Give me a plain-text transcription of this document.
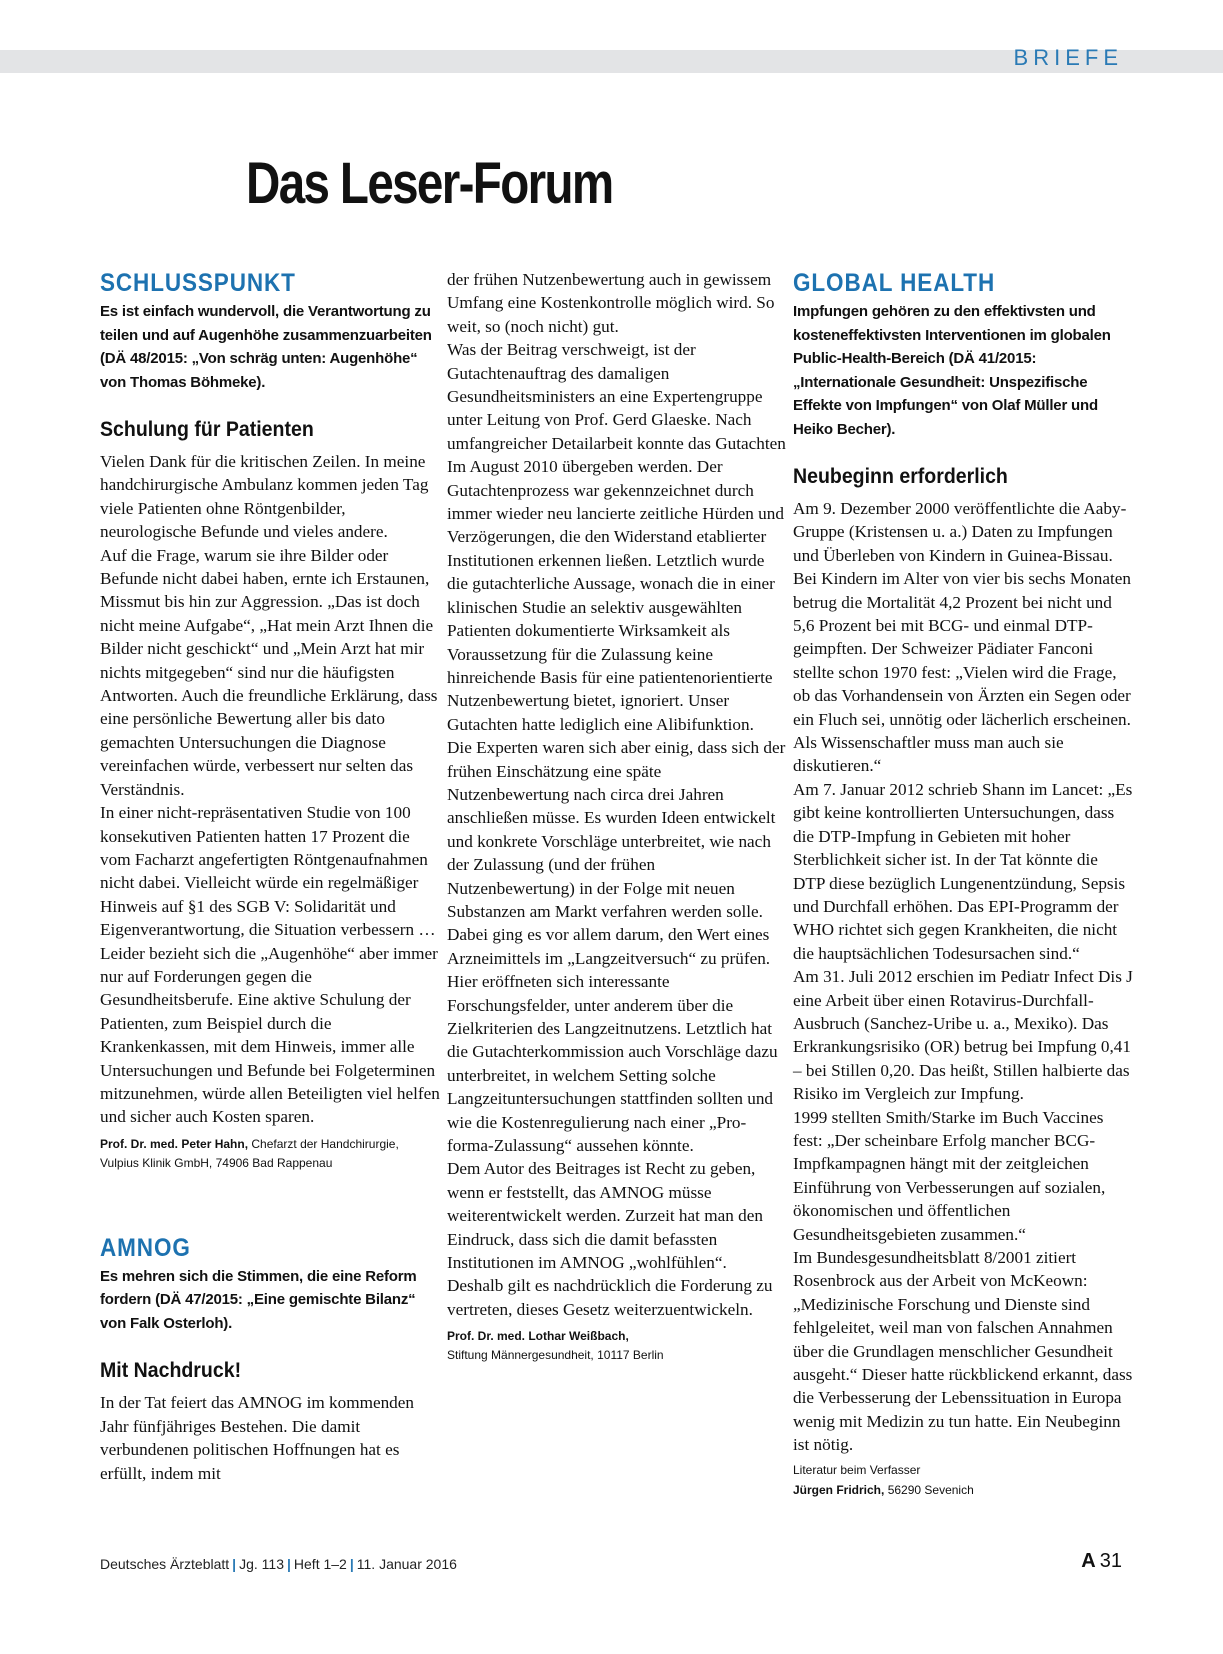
BRIEFE
Das Leser-Forum
SCHLUSSPUNKT

Es ist einfach wundervoll, die Verantwortung zu teilen und auf Augenhöhe zusammenzuarbeiten (DÄ 48/2015: „Von schräg unten: Augenhöhe“ von Thomas Böhmeke).

Schulung für Patienten

Vielen Dank für die kritischen Zeilen. In meine handchirurgische Ambulanz kommen jeden Tag viele Patienten ohne Röntgenbilder, neurologische Befunde und vieles andere.

Auf die Frage, warum sie ihre Bilder oder Befunde nicht dabei haben, ernte ich Erstaunen, Missmut bis hin zur Aggression. „Das ist doch nicht meine Aufgabe“, „Hat mein Arzt Ihnen die Bilder nicht geschickt“ und „Mein Arzt hat mir nichts mitgegeben“ sind nur die häufigsten Antworten. Auch die freundliche Erklärung, dass eine persönliche Bewertung aller bis dato gemachten Untersuchungen die Diagnose vereinfachen würde, verbessert nur selten das Verständnis.

In einer nicht-repräsentativen Studie von 100 konsekutiven Patienten hatten 17 Prozent die vom Facharzt angefertigten Röntgenaufnahmen nicht dabei. Vielleicht würde ein regelmäßiger Hinweis auf §1 des SGB V: Solidarität und Eigenverantwortung, die Situation verbessern …

Leider bezieht sich die „Augenhöhe“ aber immer nur auf Forderungen gegen die Gesundheitsberufe. Eine aktive Schulung der Patienten, zum Beispiel durch die Krankenkassen, mit dem Hinweis, immer alle Untersuchungen und Befunde bei Folgeterminen mitzunehmen, würde allen Beteiligten viel helfen und sicher auch Kosten sparen.

Prof. Dr. med. Peter Hahn, Chefarzt der Handchirurgie, Vulpius Klinik GmbH, 74906 Bad Rappenau
AMNOG

Es mehren sich die Stimmen, die eine Reform fordern (DÄ 47/2015: „Eine gemischte Bilanz“ von Falk Osterloh).

Mit Nachdruck!

In der Tat feiert das AMNOG im kommenden Jahr fünfjähriges Bestehen. Die damit verbundenen politischen Hoffnungen hat es erfüllt, indem mit

der frühen Nutzenbewertung auch in gewissem Umfang eine Kostenkontrolle möglich wird. So weit, so (noch nicht) gut.

Was der Beitrag verschweigt, ist der Gutachtenauftrag des damaligen Gesundheitsministers an eine Expertengruppe unter Leitung von Prof. Gerd Glaeske. Nach umfangreicher Detailarbeit konnte das Gutachten Im August 2010 übergeben werden. Der Gutachtenprozess war gekennzeichnet durch immer wieder neu lancierte zeitliche Hürden und Verzögerungen, die den Widerstand etablierter Institutionen erkennen ließen. Letztlich wurde die gutachterliche Aussage, wonach die in einer klinischen Studie an selektiv ausgewählten Patienten dokumentierte Wirksamkeit als Voraussetzung für die Zulassung keine hinreichende Basis für eine patientenorientierte Nutzenbewertung bietet, ignoriert. Unser Gutachten hatte lediglich eine Alibifunktion.

Die Experten waren sich aber einig, dass sich der frühen Einschätzung eine späte Nutzenbewertung nach circa drei Jahren anschließen müsse. Es wurden Ideen entwickelt und konkrete Vorschläge unterbreitet, wie nach der Zulassung (und der frühen Nutzenbewertung) in der Folge mit neuen Substanzen am Markt verfahren werden solle. Dabei ging es vor allem darum, den Wert eines Arzneimittels im „Langzeitversuch“ zu prüfen. Hier eröffneten sich interessante Forschungsfelder, unter anderem über die Zielkriterien des Langzeitnutzens. Letztlich hat die Gutachterkommission auch Vorschläge dazu unterbreitet, in welchem Setting solche Langzeituntersuchungen stattfinden sollten und wie die Kostenregulierung nach einer „Pro-forma-Zulassung“ aussehen könnte.

Dem Autor des Beitrages ist Recht zu geben, wenn er feststellt, das AMNOG müsse weiterentwickelt werden. Zurzeit hat man den Eindruck, dass sich die damit befassten Institutionen im AMNOG „wohlfühlen“. Deshalb gilt es nachdrücklich die Forderung zu vertreten, dieses Gesetz weiterzuentwickeln.

Prof. Dr. med. Lothar Weißbach,
Stiftung Männergesundheit, 10117 Berlin
GLOBAL HEALTH

Impfungen gehören zu den effektivsten und kosteneffektivsten Interventionen im globalen Public-Health-Bereich (DÄ 41/2015: „Internationale Gesundheit: Unspezifische Effekte von Impfungen“ von Olaf Müller und Heiko Becher).

Neubeginn erforderlich

Am 9. Dezember 2000 veröffentlichte die Aaby-Gruppe (Kristensen u. a.) Daten zu Impfungen und Überleben von Kindern in Guinea-Bissau. Bei Kindern im Alter von vier bis sechs Monaten betrug die Mortalität 4,2 Prozent bei nicht und 5,6 Prozent bei mit BCG- und einmal DTP-geimpften. Der Schweizer Pädiater Fanconi stellte schon 1970 fest: „Vielen wird die Frage, ob das Vorhandensein von Ärzten ein Segen oder ein Fluch sei, unnötig oder lächerlich erscheinen. Als Wissenschaftler muss man auch sie diskutieren.“

Am 7. Januar 2012 schrieb Shann im Lancet: „Es gibt keine kontrollierten Untersuchungen, dass die DTP-Impfung in Gebieten mit hoher Sterblichkeit sicher ist. In der Tat könnte die DTP diese bezüglich Lungenentzündung, Sepsis und Durchfall erhöhen. Das EPI-Programm der WHO richtet sich gegen Krankheiten, die nicht die hauptsächlichen Todesursachen sind.“

Am 31. Juli 2012 erschien im Pediatr Infect Dis J eine Arbeit über einen Rotavirus-Durchfall-Ausbruch (Sanchez-Uribe u. a., Mexiko). Das Erkrankungsrisiko (OR) betrug bei Impfung 0,41 – bei Stillen 0,20. Das heißt, Stillen halbierte das Risiko im Vergleich zur Impfung.

1999 stellten Smith/Starke im Buch Vaccines fest: „Der scheinbare Erfolg mancher BCG-Impfkampagnen hängt mit der zeitgleichen Einführung von Verbesserungen auf sozialen, ökonomischen und öffentlichen Gesundheitsgebieten zusammen.“

Im Bundesgesundheitsblatt 8/2001 zitiert Rosenbrock aus der Arbeit von McKeown: „Medizinische Forschung und Dienste sind fehlgeleitet, weil man von falschen Annahmen über die Grundlagen menschlicher Gesundheit ausgeht.“ Dieser hatte rückblickend erkannt, dass die Verbesserung der Lebenssituation in Europa wenig mit Medizin zu tun hatte. Ein Neubeginn ist nötig.

Literatur beim Verfasser
Jürgen Fridrich, 56290 Sevenich
Deutsches Ärzteblatt | Jg. 113 | Heft 1–2 | 11. Januar 2016	A 31
